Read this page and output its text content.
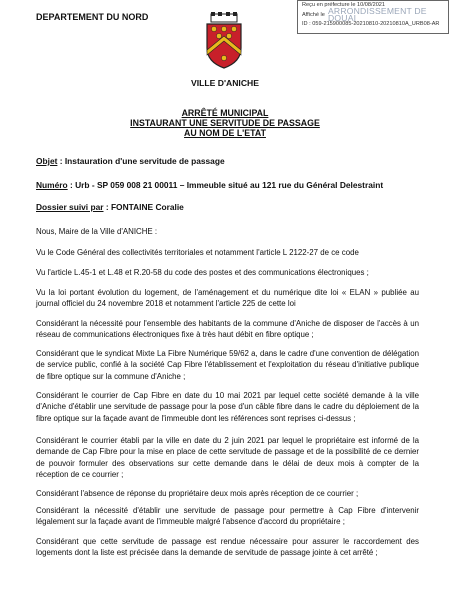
DEPARTEMENT DU NORD
Reçu en préfecture le 10/08/2021
ARRONDISSEMENT DE DOUAI
Affiché le
ID : 059-215900085-20210810-20210810A_URB08-AR
VILLE D'ANICHE
ARRÊTÉ MUNICIPAL
INSTAURANT UNE SERVITUDE DE PASSAGE
AU NOM DE L'ETAT
Objet : Instauration d'une servitude de passage
Numéro : Urb - SP 059 008 21 00011 – Immeuble situé au 121 rue du Général Delestraint
Dossier suivi par : FONTAINE Coralie
Nous, Maire de la Ville d'ANICHE :
Vu le Code Général des collectivités territoriales et notamment l'article L 2122-27 de ce code
Vu l'article L.45-1 et L.48 et R.20-58 du code des postes et des communications électroniques ;
Vu la loi portant évolution du logement, de l'aménagement et du numérique dite loi « ELAN » publiée au journal officiel du 24 novembre 2018 et notamment l'article 225 de cette loi
Considérant la nécessité pour l'ensemble des habitants de la commune d'Aniche de disposer de l'accès à un réseau de communications électroniques fixe à très haut débit en fibre optique ;
Considérant que le syndicat Mixte La Fibre Numérique 59/62 a, dans le cadre d'une convention de délégation de service public, confié à la société Cap Fibre l'établissement et l'exploitation du réseau d'initiative publique de fibre optique sur la commune d'Aniche ;
Considérant le courrier de Cap Fibre en date du 10 mai 2021 par lequel cette société demande à la ville d'Aniche d'établir une servitude de passage pour la pose d'un câble fibre dans le cadre du déploiement de la fibre optique sur la façade avant de l'immeuble dont les références sont reprises ci-dessus ;
Considérant le courrier établi par la ville en date du 2 juin 2021 par lequel le propriétaire est informé de la demande de Cap Fibre pour la mise en place de cette servitude de passage et de la possibilité de ce dernier de pouvoir formuler des observations sur cette demande dans le délai de deux mois à compter de la réception de ce courrier ;
Considérant l'absence de réponse du propriétaire deux mois après réception de ce courrier ;
Considérant la nécessité d'établir une servitude de passage pour permettre à Cap Fibre d'intervenir légalement sur la façade avant de l'immeuble malgré l'absence d'accord du propriétaire ;
Considérant que cette servitude de passage est rendue nécessaire pour assurer le raccordement des logements dont la liste est précisée dans la demande de servitude de passage jointe à cet arrêté ;
